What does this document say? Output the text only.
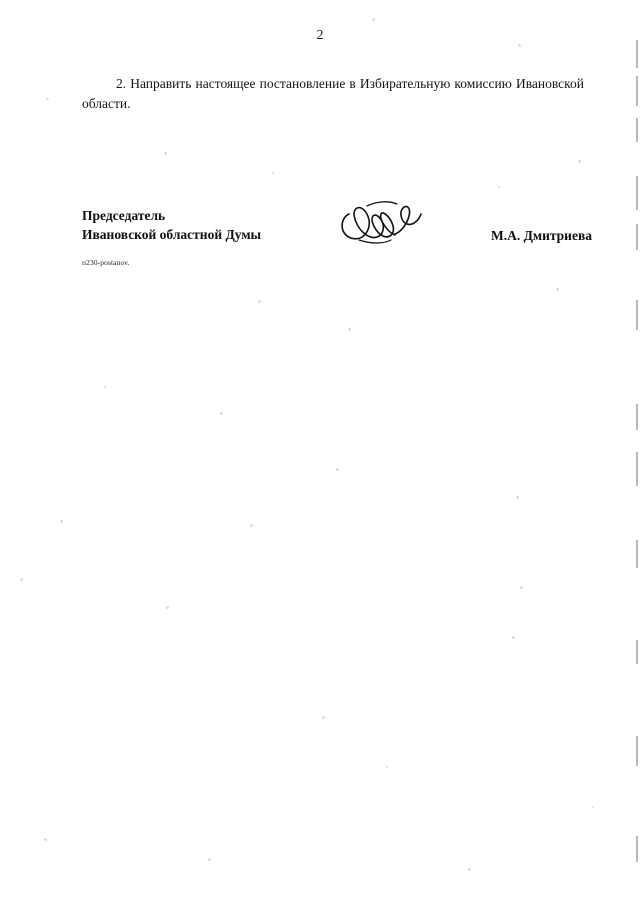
2
2. Направить настоящее постановление в Избирательную комиссию Ивановской области.
Председатель
Ивановской областной Думы	М.А. Дмитриева
п230-postanov.
